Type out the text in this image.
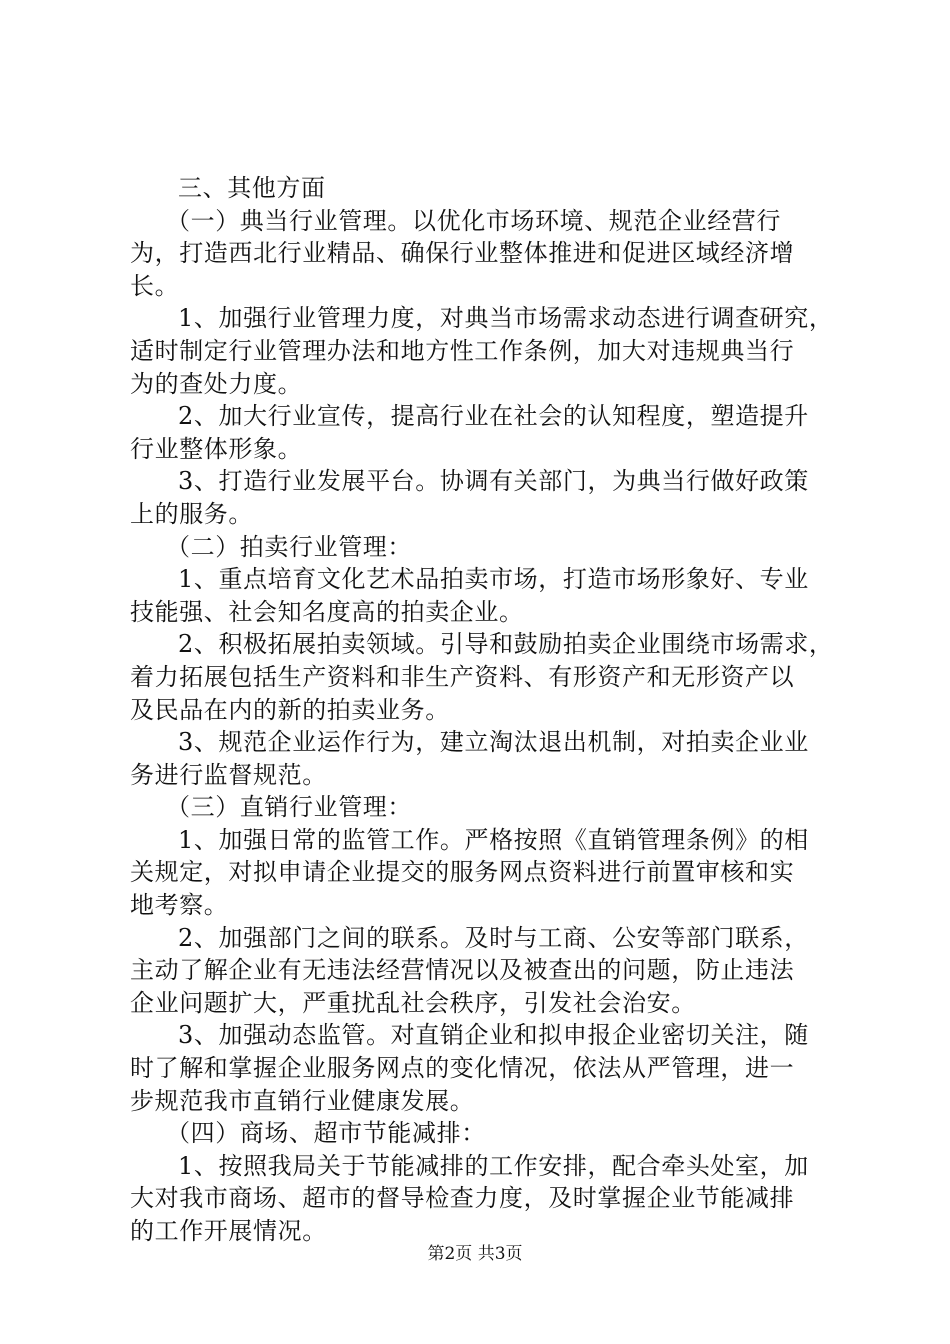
三、其他方面
（一）典当行业管理。以优化市场环境、规范企业经营行
为，打造西北行业精品、确保行业整体推进和促进区域经济增
长。
1、加强行业管理力度，对典当市场需求动态进行调查研究，
适时制定行业管理办法和地方性工作条例，加大对违规典当行
为的查处力度。
2、加大行业宣传，提高行业在社会的认知程度，塑造提升
行业整体形象。
3、打造行业发展平台。协调有关部门，为典当行做好政策
上的服务。
（二）拍卖行业管理：
1、重点培育文化艺术品拍卖市场，打造市场形象好、专业
技能强、社会知名度高的拍卖企业。
2、积极拓展拍卖领域。引导和鼓励拍卖企业围绕市场需求，
着力拓展包括生产资料和非生产资料、有形资产和无形资产以
及民品在内的新的拍卖业务。
3、规范企业运作行为，建立淘汰退出机制，对拍卖企业业
务进行监督规范。
（三）直销行业管理：
1、加强日常的监管工作。严格按照《直销管理条例》的相
关规定，对拟申请企业提交的服务网点资料进行前置审核和实
地考察。
2、加强部门之间的联系。及时与工商、公安等部门联系，
主动了解企业有无违法经营情况以及被查出的问题，防止违法
企业问题扩大，严重扰乱社会秩序，引发社会治安。
3、加强动态监管。对直销企业和拟申报企业密切关注，随
时了解和掌握企业服务网点的变化情况，依法从严管理，进一
步规范我市直销行业健康发展。
（四）商场、超市节能减排：
1、按照我局关于节能减排的工作安排，配合牵头处室，加
大对我市商场、超市的督导检查力度，及时掌握企业节能减排
的工作开展情况。
第2页 共3页
